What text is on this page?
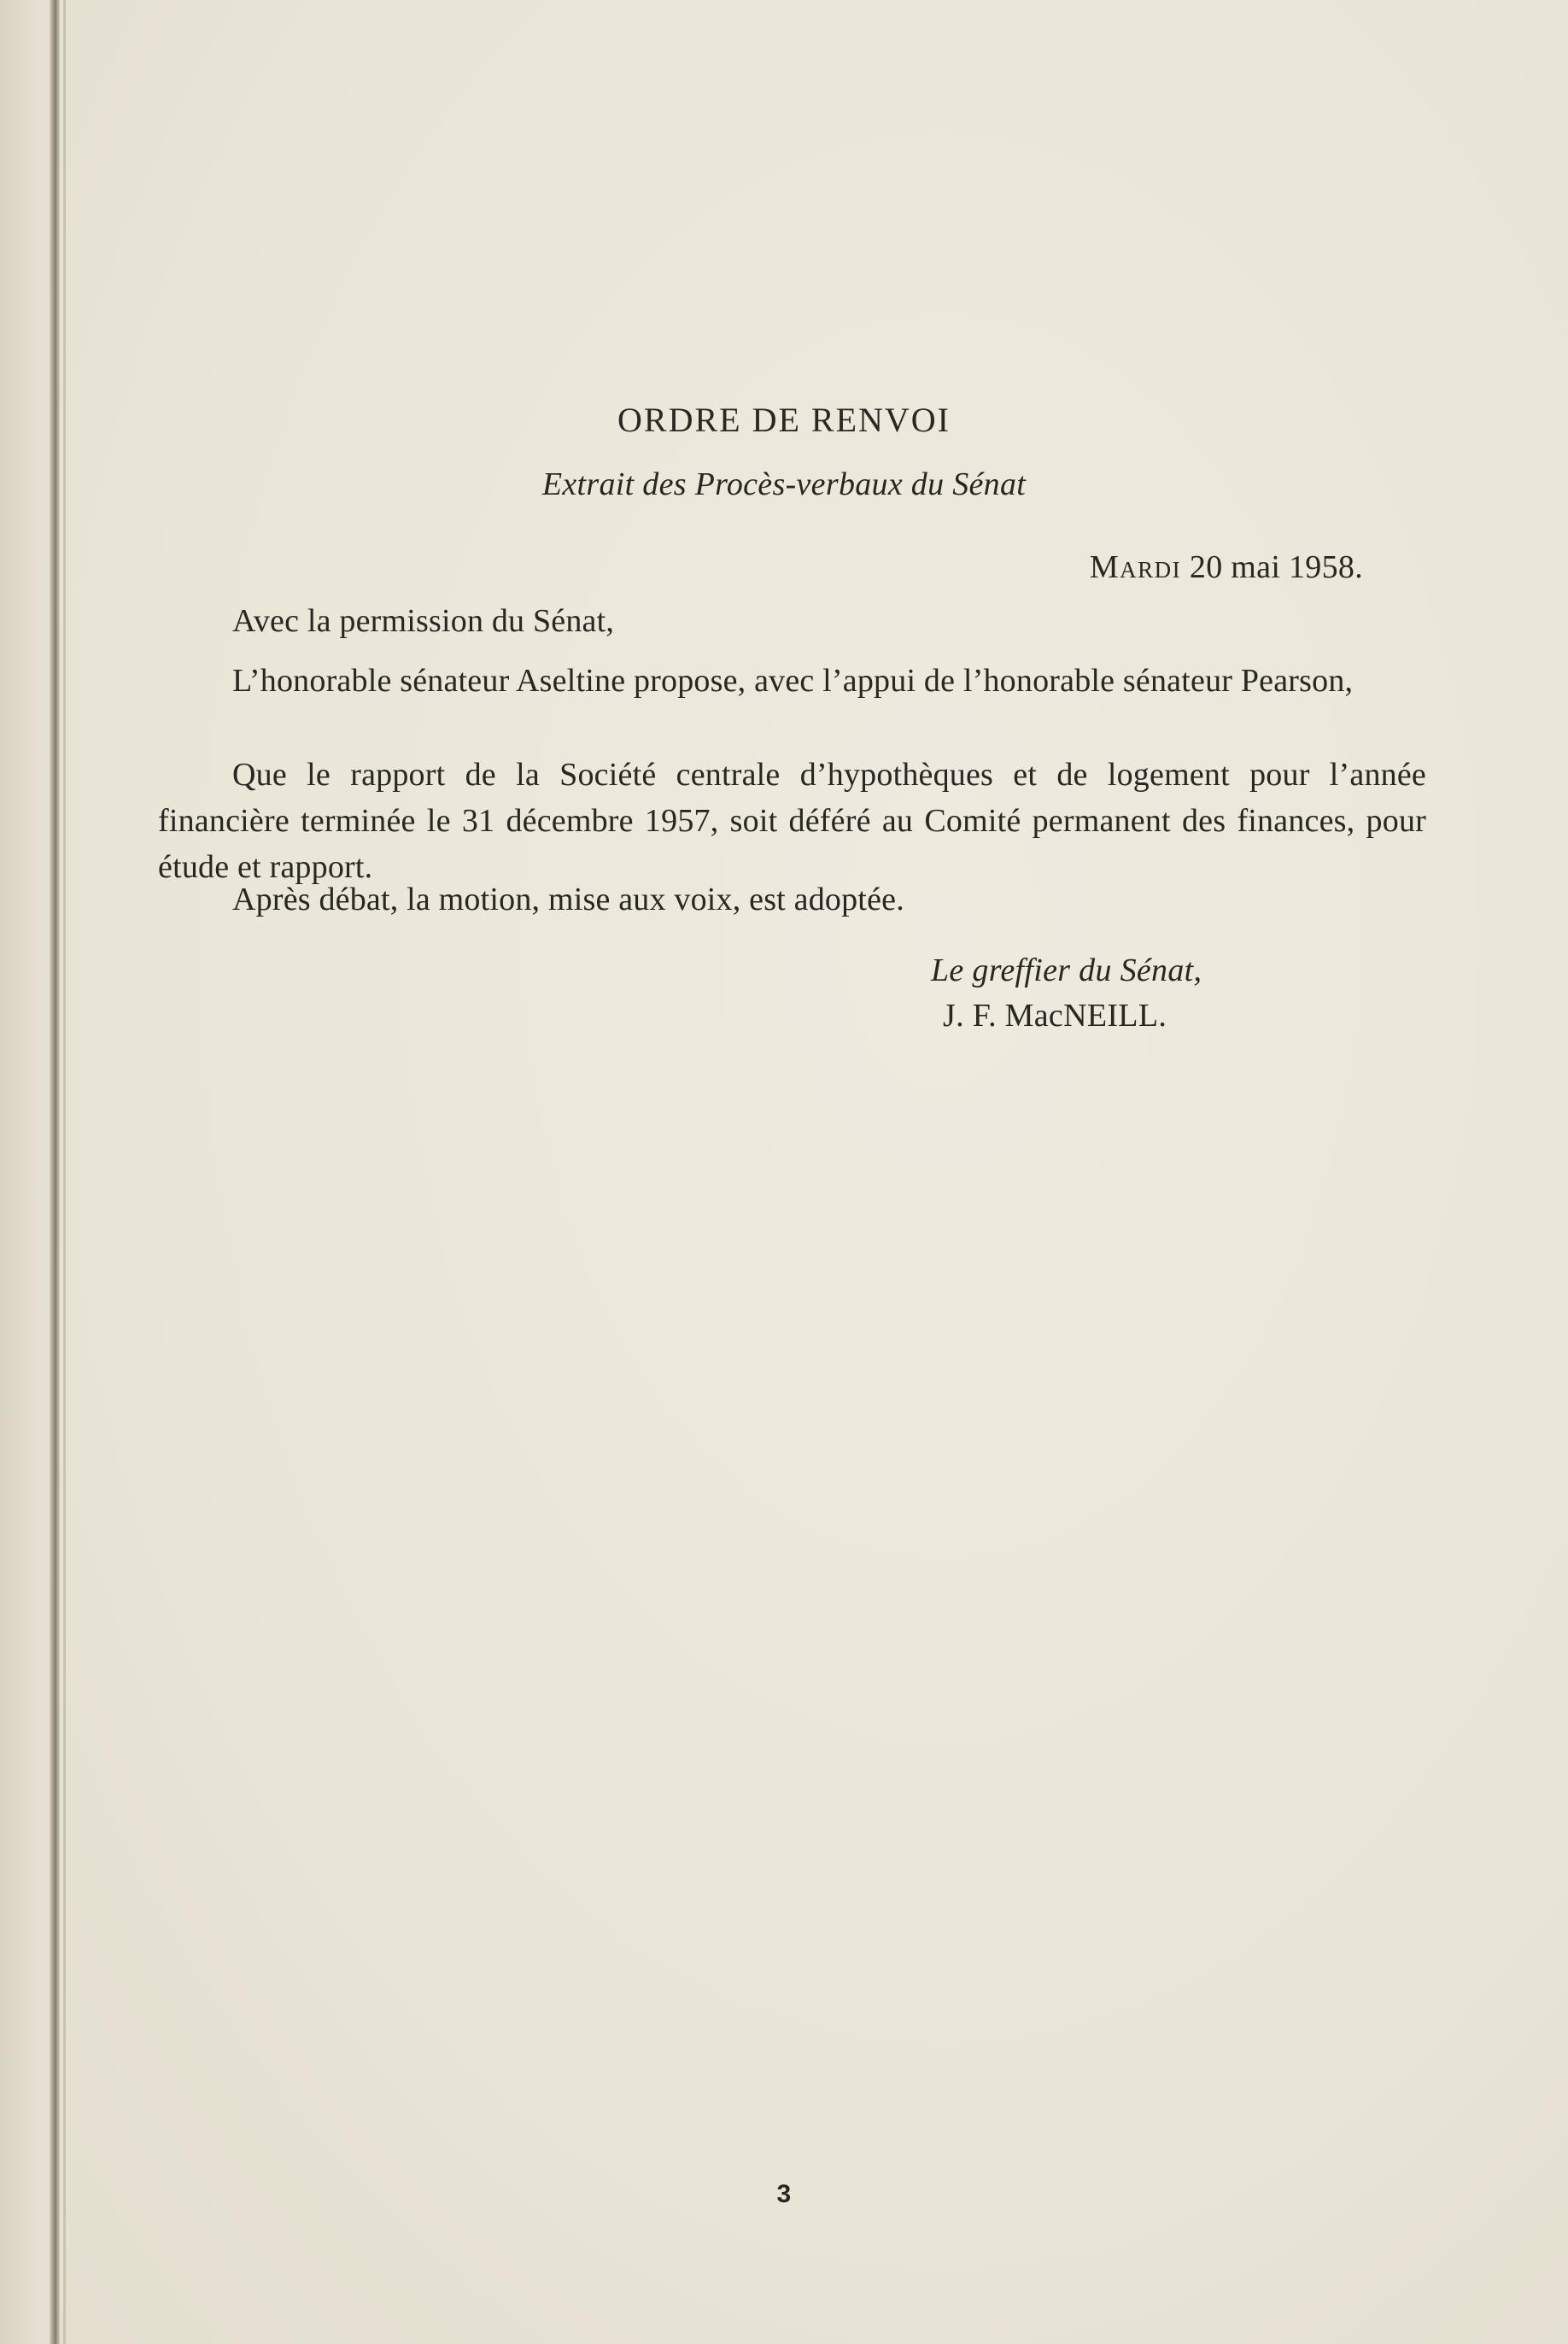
ORDRE DE RENVOI
Extrait des Procès-verbaux du Sénat
Mardi 20 mai 1958.
Avec la permission du Sénat,
L’honorable sénateur Aseltine propose, avec l’appui de l’honorable sénateur Pearson,
Que le rapport de la Société centrale d’hypothèques et de logement pour l’année financière terminée le 31 décembre 1957, soit déféré au Comité permanent des finances, pour étude et rapport.
Après débat, la motion, mise aux voix, est adoptée.
Le greffier du Sénat,
J. F. MacNEILL.
3
